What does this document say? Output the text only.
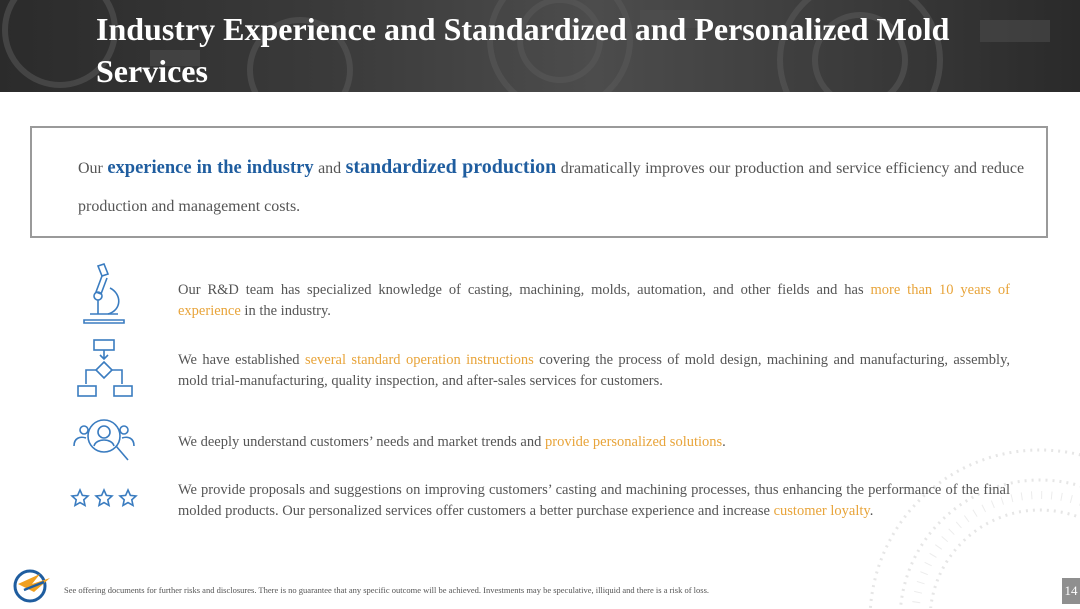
Industry Experience and Standardized and Personalized Mold Services

Our experience in the industry and standardized production dramatically improves our production and service efficiency and reduce production and management costs.

Our R&D team has specialized knowledge of casting, machining, molds, automation, and other fields and has more than 10 years of experience in the industry.

We have established several standard operation instructions covering the process of mold design, machining and manufacturing, assembly, mold trial-manufacturing, quality inspection, and after-sales services for customers.

We deeply understand customers’ needs and market trends and provide personalized solutions.

We provide proposals and suggestions on improving customers’ casting and machining processes, thus enhancing the performance of the final molded products. Our personalized services offer customers a better purchase experience and increase customer loyalty.

See offering documents for further risks and disclosures. There is no guarantee that any specific outcome will be achieved. Investments may be speculative, illiquid and there is a risk of loss.	14
